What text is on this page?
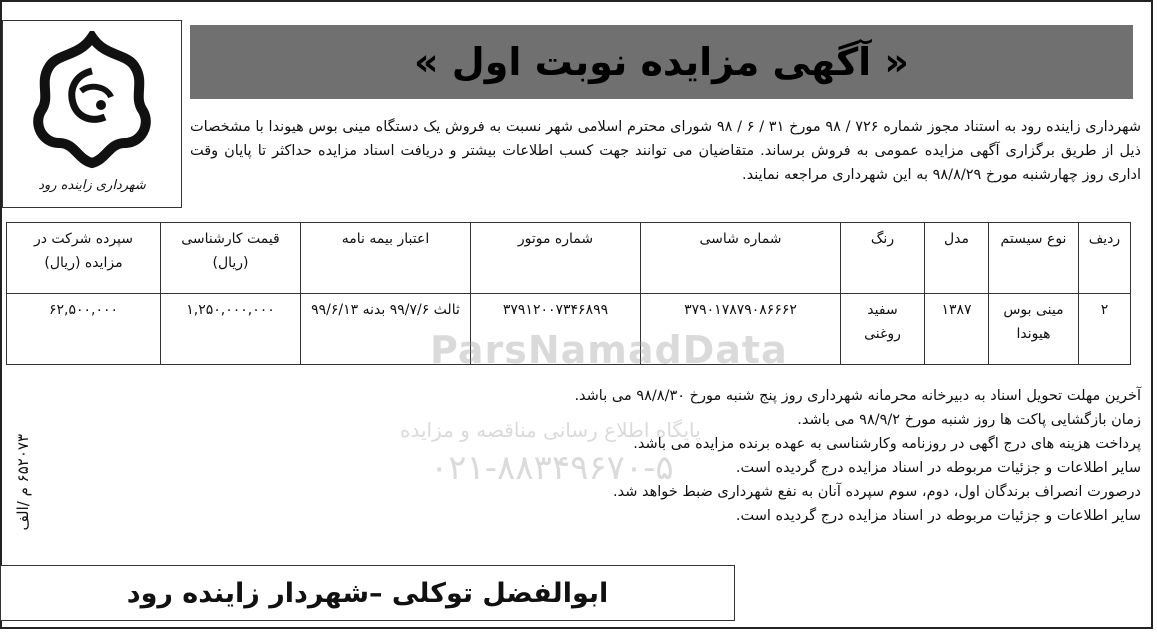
شهرداری زاینده رود
« آگهی مزایده نوبت اول »

شهرداری زاینده رود به استناد مجوز شماره ۷۲۶ / ۹۸ مورخ ۳۱ / ۶ / ۹۸ شورای محترم اسلامی شهر نسبت به فروش یک دستگاه مینی بوس هیوندا با مشخصات ذیل از طریق برگزاری آگهی مزایده عمومی به فروش برساند. متقاضیان می توانند جهت کسب اطلاعات بیشتر و دریافت اسناد مزایده حداکثر تا پایان وقت اداری روز چهارشنبه مورخ ۹۸/۸/۲۹ به این شهرداری مراجعه نمایند.

ردیف	نوع سیستم	مدل	رنگ	شماره شاسی	شماره موتور	اعتبار بیمه نامه	قیمت کارشناسی (ریال)	سپرده شرکت در مزایده (ریال)
۲	مینی بوس هیوندا	۱۳۸۷	سفید روغنی	۳۷۹۰۱۷۸۷۹۰۸۶۶۶۲	۳۷۹۱۲۰۰۷۳۴۶۸۹۹	ثالث ۹۹/۷/۶ بدنه ۹۹/۶/۱۳	۱,۲۵۰,۰۰۰,۰۰۰	۶۲,۵۰۰,۰۰۰
ParsNamadData
پایگاه اطلاع رسانی مناقصه و مزایده
۰۲۱-۸۸۳۴۹۶۷۰-۵

آخرین مهلت تحویل اسناد به دبیرخانه محرمانه شهرداری روز پنج شنبه مورخ ۹۸/۸/۳۰ می باشد.

زمان بازگشایی پاکت ها روز شنبه مورخ ۹۸/۹/۲ می باشد.

پرداخت هزینه های درج اگهی در روزنامه وکارشناسی به عهده برنده مزایده می باشد.

سایر اطلاعات و جزئیات مربوطه در اسناد مزایده درج گردیده است.

درصورت انصراف برندگان اول، دوم، سوم سپرده آنان به نفع شهرداری ضبط خواهد شد.

سایر اطلاعات و جزئیات مربوطه در اسناد مزایده درج گردیده است.

۶۵۲۰۷۳ م /الف
ابوالفضل توکلی –شهردار زاینده رود
